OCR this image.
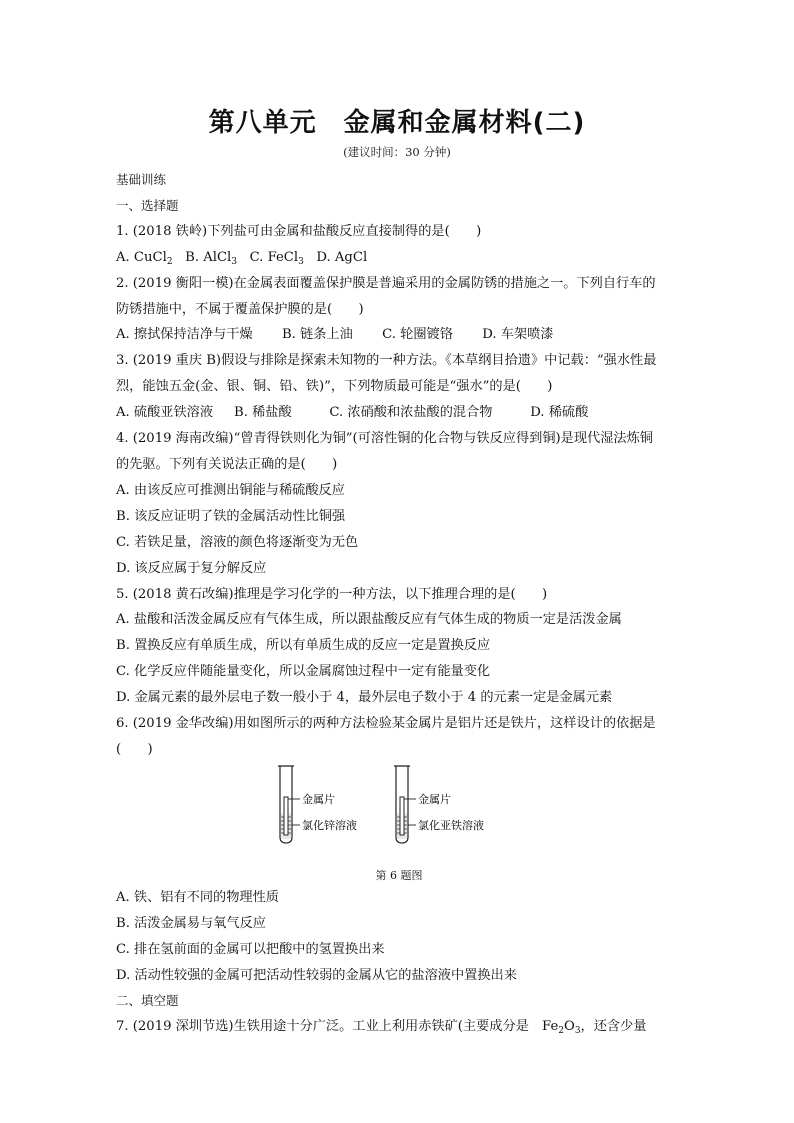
第八单元　金属和金属材料(二)
(建议时间：30 分钟)
基础训练
一、选择题
1. (2018 铁岭)下列盐可由金属和盐酸反应直接制得的是(　　)
A. CuCl$_2$ B. AlCl$_3$ C. FeCl$_3$ D. AgCl
2. (2019 衡阳一模)在金属表面覆盖保护膜是普遍采用的金属防锈的措施之一。下列自行车的
防锈措施中，不属于覆盖保护膜的是(　　)
A. 擦拭保持洁净与干燥 B. 链条上油 C. 轮圈镀铬 D. 车架喷漆
3. (2019 重庆 B)假设与排除是探索未知物的一种方法。《本草纲目拾遗》中记载：“强水性最
烈，能蚀五金(金、银、铜、铅、铁)”，下列物质最可能是“强水”的是(　　)
A. 硫酸亚铁溶液 B. 稀盐酸	C. 浓硝酸和浓盐酸的混合物	D. 稀硫酸
4. (2019 海南改编)“曾青得铁则化为铜”(可溶性铜的化合物与铁反应得到铜)是现代湿法炼铜
的先驱。下列有关说法正确的是(　　)
A. 由该反应可推测出铜能与稀硫酸反应
B. 该反应证明了铁的金属活动性比铜强
C. 若铁足量，溶液的颜色将逐渐变为无色
D. 该反应属于复分解反应
5. (2018 黄石改编)推理是学习化学的一种方法，以下推理合理的是(　　)
A. 盐酸和活泼金属反应有气体生成，所以跟盐酸反应有气体生成的物质一定是活泼金属
B. 置换反应有单质生成，所以有单质生成的反应一定是置换反应
C. 化学反应伴随能量变化，所以金属腐蚀过程中一定有能量变化
D. 金属元素的最外层电子数一般小于 4，最外层电子数小于 4 的元素一定是金属元素
6. (2019 金华改编)用如图所示的两种方法检验某金属片是铝片还是铁片，这样设计的依据是
(　　)
金属片
氯化锌溶液
金属片
氯化亚铁溶液
第 6 题图
A. 铁、铝有不同的物理性质
B. 活泼金属易与氧气反应
C. 排在氢前面的金属可以把酸中的氢置换出来
D. 活动性较强的金属可把活动性较弱的金属从它的盐溶液中置换出来
二、填空题
7. (2019 深圳节选)生铁用途十分广泛。工业上利用赤铁矿(主要成分是　$Fe_2O_3$，还含少量
